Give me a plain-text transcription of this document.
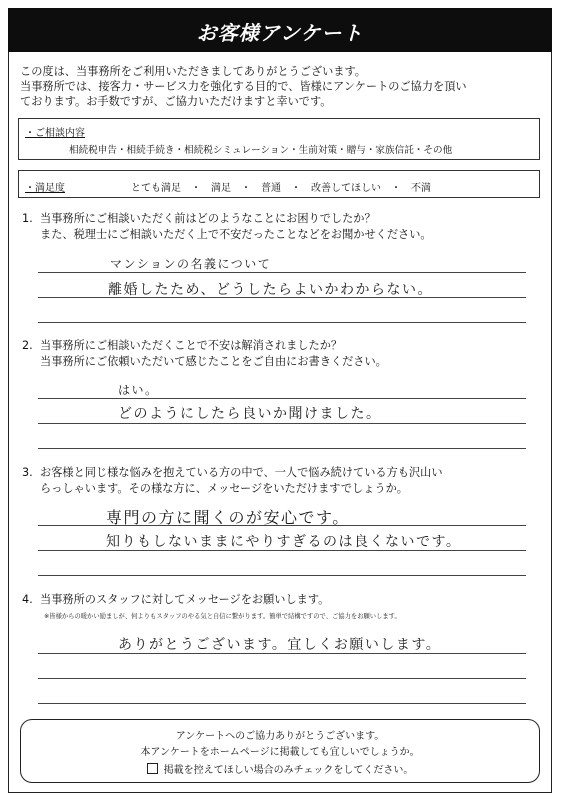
お客様アンケート
この度は、当事務所をご利用いただきましてありがとうございます。
当事務所では、接客力・サービス力を強化する目的で、皆様にアンケートのご協力を頂い
ております。お手数ですが、ご協力いただけますと幸いです。
・ご相談内容
相続税申告・相続手続き・相続税シミュレーション・生前対策・贈与・家族信託・その他
・満足度	とても満足　・　満足　・　普通　・　改善してほしい　・　不満
1. 当事務所にご相談いただく前はどのようなことにお困りでしたか？
また、税理士にご相談いただく上で不安だったことなどをお聞かせください。
マンションの名義について
離婚したため、どうしたらよいかわからない。
2. 当事務所にご相談いただくことで不安は解消されましたか？
当事務所にご依頼いただいて感じたことをご自由にお書きください。
はい。
どのようにしたら良いか聞けました。
3. お客様と同じ様な悩みを抱えている方の中で、一人で悩み続けている方も沢山い
らっしゃいます。その様な方に、メッセージをいただけますでしょうか。
専門の方に聞くのが安心です。
知りもしないままにやりすぎるのは良くないです。
4. 当事務所のスタッフに対してメッセージをお願いします。
※皆様からの暖かい励ましが、何よりもスタッフのやる気と自信に繋がります。簡単で結構ですので、ご協力をお願いします。
ありがとうございます。宜しくお願いします。
アンケートへのご協力ありがとうございます。
本アンケートをホームページに掲載しても宜しいでしょうか。
掲載を控えてほしい場合のみチェックをしてください。
